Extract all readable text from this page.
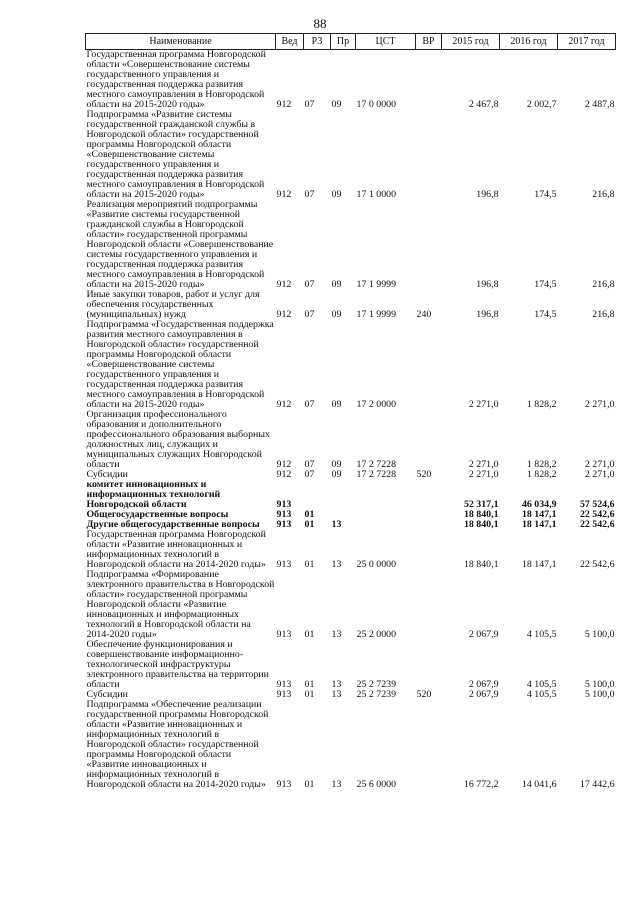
88
Наименование	Вед	РЗ	Пр	ЦСТ	ВР	2015 год	2016 год	2017 год
Государственная программа Новгородской области «Совершенствование системы государственного управления и государственная поддержка развития местного самоуправления в Новгородской области на 2015-2020 годы»	912	07	09	17 0 0000		2 467,8	2 002,7	2 487,8
Подпрограмма «Развитие системы государственной гражданской службы в Новгородской области» государственной программы Новгородской области «Совершенствование системы государственного управления и государственная поддержка развития местного самоуправления в Новгородской области на 2015-2020 годы»	912	07	09	17 1 0000		196,8	174,5	216,8
Реализация мероприятий подпрограммы «Развитие системы государственной гражданской службы в Новгородской области» государственной программы Новгородской области «Совершенствование системы государственного управления и государственная поддержка развития местного самоуправления в Новгородской области на 2015-2020 годы»	912	07	09	17 1 9999		196,8	174,5	216,8
Иные закупки товаров, работ и услуг для обеспечения государственных (муниципальных) нужд	912	07	09	17 1 9999	240	196,8	174,5	216,8
Подпрограмма «Государственная поддержка развития местного самоуправления в Новгородской области» государственной программы Новгородской области «Совершенствование системы государственного управления и государственная поддержка развития местного самоуправления в Новгородской области на 2015-2020 годы»	912	07	09	17 2 0000		2 271,0	1 828,2	2 271,0
Организация профессионального образования и дополнительного профессионального образования выборных должностных лиц, служащих и муниципальных служащих Новгородской области	912	07	09	17 2 7228		2 271,0	1 828,2	2 271,0
Субсидии	912	07	09	17 2 7228	520	2 271,0	1 828,2	2 271,0
комитет инновационных и информационных технологий Новгородской области	913					52 317,1	46 034,9	57 524,6
Общегосударственные вопросы	913	01				18 840,1	18 147,1	22 542,6
Другие общегосударственные вопросы	913	01	13			18 840,1	18 147,1	22 542,6
Государственная программа Новгородской области «Развитие инновационных и информационных технологий в Новгородской области на 2014-2020 годы»	913	01	13	25 0 0000		18 840,1	18 147,1	22 542,6
Подпрограмма «Формирование электронного правительства в Новгородской области» государственной программы Новгородской области «Развитие инновационных и информационных технологий в Новгородской области на 2014-2020 годы»	913	01	13	25 2 0000		2 067,9	4 105,5	5 100,0
Обеспечение функционирования и совершенствование информационно-технологической инфраструктуры электронного правительства на территории области	913	01	13	25 2 7239		2 067,9	4 105,5	5 100,0
Субсидии	913	01	13	25 2 7239	520	2 067,9	4 105,5	5 100,0
Подпрограмма «Обеспечение реализации государственной программы Новгородской области «Развитие инновационных и информационных технологий в Новгородской области» государственной программы Новгородской области «Развитие инновационных и информационных технологий в Новгородской области на 2014-2020 годы»	913	01	13	25 6 0000		16 772,2	14 041,6	17 442,6
